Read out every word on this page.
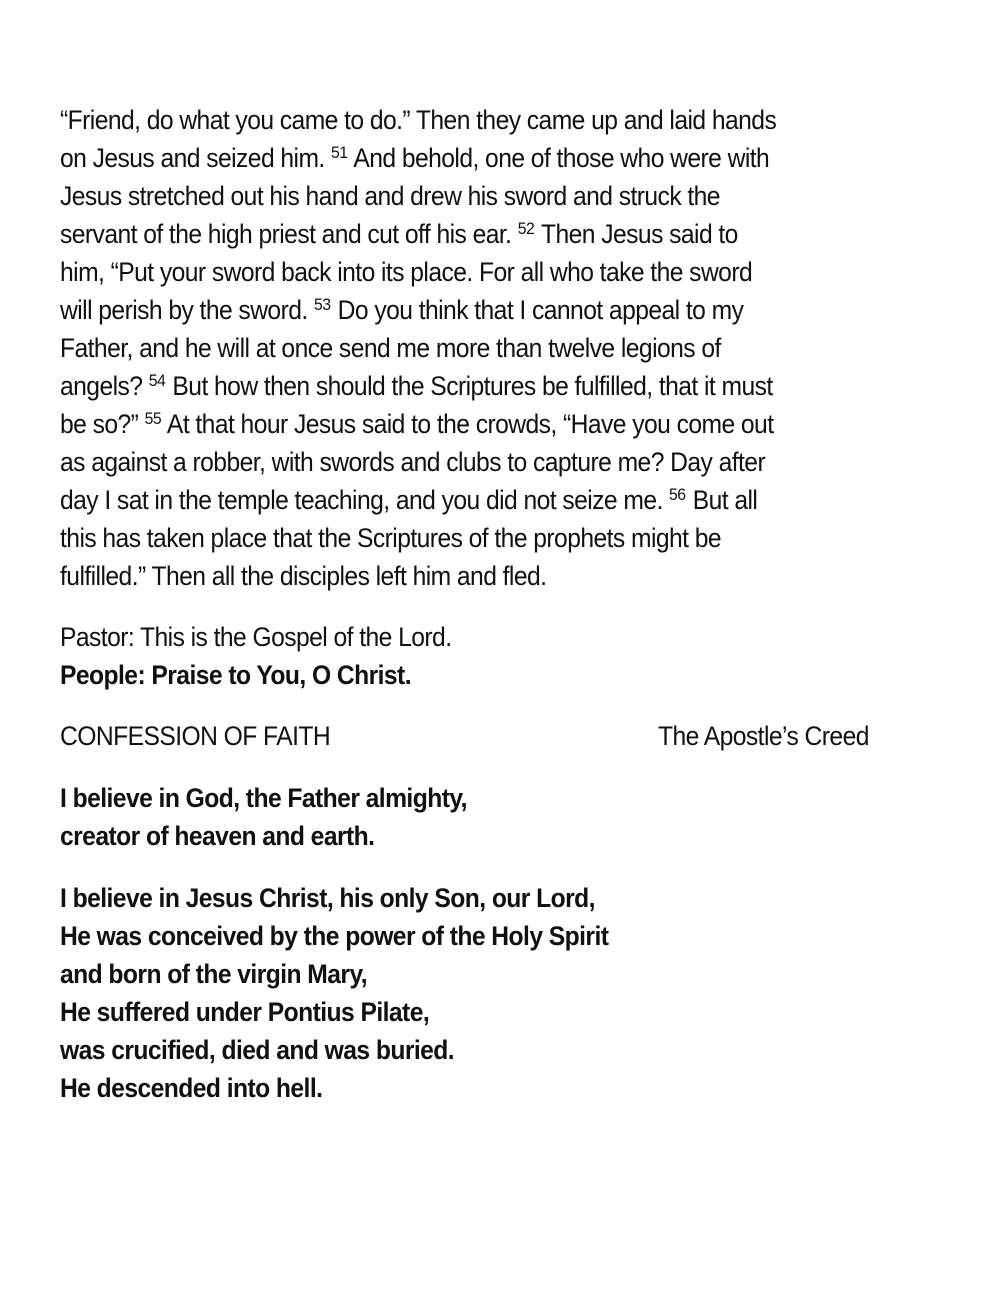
“Friend, do what you came to do.” Then they came up and laid hands
on Jesus and seized him. $^{51}$ And behold, one of those who were with
Jesus stretched out his hand and drew his sword and struck the
servant of the high priest and cut off his ear. $^{52}$ Then Jesus said to
him, “Put your sword back into its place. For all who take the sword
will perish by the sword. $^{53}$ Do you think that I cannot appeal to my
Father, and he will at once send me more than twelve legions of
angels? $^{54}$ But how then should the Scriptures be fulfilled, that it must
be so?” $^{55}$ At that hour Jesus said to the crowds, “Have you come out
as against a robber, with swords and clubs to capture me? Day after
day I sat in the temple teaching, and you did not seize me. $^{56}$ But all
this has taken place that the Scriptures of the prophets might be
fulfilled.” Then all the disciples left him and fled.
Pastor: This is the Gospel of the Lord.
People: Praise to You, O Christ.
CONFESSION OF FAITH	The Apostle’s Creed
I believe in God, the Father almighty,
creator of heaven and earth.
I believe in Jesus Christ, his only Son, our Lord,
He was conceived by the power of the Holy Spirit
and born of the virgin Mary,
He suffered under Pontius Pilate,
was crucified, died and was buried.
He descended into hell.
